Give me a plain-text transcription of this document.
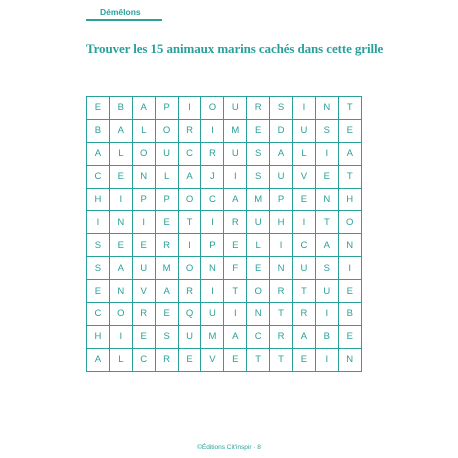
Démêlons
Trouver les 15 animaux marins cachés dans cette grille
E	B	A	P	I	O	U	R	S	I	N	T
B	A	L	O	R	I	M	E	D	U	S	E
A	L	O	U	C	R	U	S	A	L	I	A
C	E	N	L	A	J	I	S	U	V	E	T
H	I	P	P	O	C	A	M	P	E	N	H
I	N	I	E	T	I	R	U	H	I	T	O
S	E	E	R	I	P	E	L	I	C	A	N
S	A	U	M	O	N	F	E	N	U	S	I
E	N	V	A	R	I	T	O	R	T	U	E
C	O	R	E	Q	U	I	N	T	R	I	B
H	I	E	S	U	M	A	C	R	A	B	E
A	L	C	R	E	V	E	T	T	E	I	N
©Éditions Cit'inspir · 8
